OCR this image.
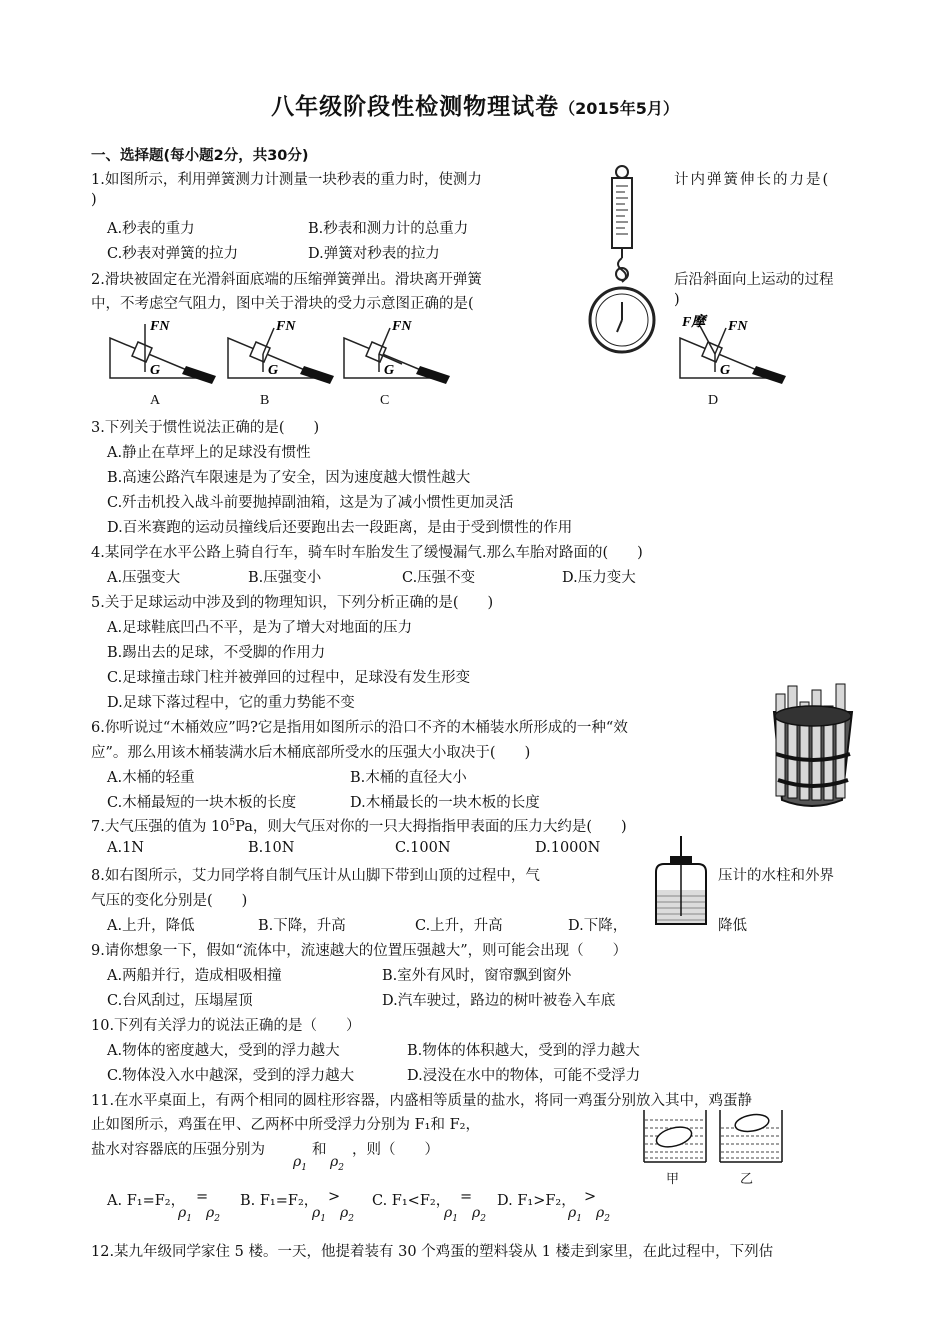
八年级阶段性检测物理试卷（2015年5月）
一、选择题(每小题2分，共30分)
1.如图所示，利用弹簧测力计测量一块秒表的重力时，使测力	计内弹簧伸长的力是(
)
A.秒表的重力	B.秒表和测力计的总重力
C.秒表对弹簧的拉力	D.弹簧对秒表的拉力
2.滑块被固定在光滑斜面底端的压缩弹簧弹出。滑块离开弹簧	后沿斜面向上运动的过程
中，不考虑空气阻力，图中关于滑块的受力示意图正确的是(	)
FN
G
FN
G
FN
G
FN
F摩
G
A	B	C	D
3.下列关于惯性说法正确的是(　　)
A.静止在草坪上的足球没有惯性
B.高速公路汽车限速是为了安全，因为速度越大惯性越大
C.歼击机投入战斗前要抛掉副油箱，这是为了减小惯性更加灵活
D.百米赛跑的运动员撞线后还要跑出去一段距离，是由于受到惯性的作用
4.某同学在水平公路上骑自行车，骑车时车胎发生了缓慢漏气.那么车胎对路面的(　　)
A.压强变大	B.压强变小	C.压强不变	D.压力变大
5.关于足球运动中涉及到的物理知识，下列分析正确的是(　　)
A.足球鞋底凹凸不平，是为了增大对地面的压力
B.踢出去的足球，不受脚的作用力
C.足球撞击球门柱并被弹回的过程中，足球没有发生形变
D.足球下落过程中，它的重力势能不变
6.你听说过“木桶效应”吗?它是指用如图所示的沿口不齐的木桶装水所形成的一种“效
应”。那么用该木桶装满水后木桶底部所受水的压强大小取决于(　　)
A.木桶的轻重	B.木桶的直径大小
C.木桶最短的一块木板的长度	D.木桶最长的一块木板的长度
7.大气压强的值为 $10^5Pa$，则大气压对你的一只大拇指指甲表面的压力大约是(　　)
A.1N	B.10N	C.100N	D.1000N
8.如右图所示，艾力同学将自制气压计从山脚下带到山顶的过程中，气	压计的水柱和外界
气压的变化分别是(　　)
A.上升，降低	B.下降，升高	C.上升，升高	D.下降，	降低
9.请你想象一下，假如“流体中，流速越大的位置压强越大”，则可能会出现（　　）
A.两船并行，造成相吸相撞	B.室外有风时，窗帘飘到窗外
C.台风刮过，压塌屋顶	D.汽车驶过，路边的树叶被卷入车底
10.下列有关浮力的说法正确的是（　　）
A.物体的密度越大，受到的浮力越大	B.物体的体积越大，受到的浮力越大
C.物体没入水中越深，受到的浮力越大	D.浸没在水中的物体，可能不受浮力
11.在水平桌面上，有两个相同的圆柱形容器，内盛相等质量的盐水，将同一鸡蛋分别放入其中，鸡蛋静
止如图所示，鸡蛋在甲、乙两杯中所受浮力分别为 F₁和 F₂，
盐水对容器底的压强分别为
$\rho_1$
和
$\rho_2$
，则（　　）
甲	乙
A. F₁=F₂， =
$\rho_1$ $\rho_2$
B. F₁=F₂， >
$\rho_1$ $\rho_2$
C. F₁<F₂， =
$\rho_1$ $\rho_2$
D. F₁>F₂， >
$\rho_1$ $\rho_2$
12.某九年级同学家住 5 楼。一天，他提着装有 30 个鸡蛋的塑料袋从 1 楼走到家里，在此过程中，下列估
